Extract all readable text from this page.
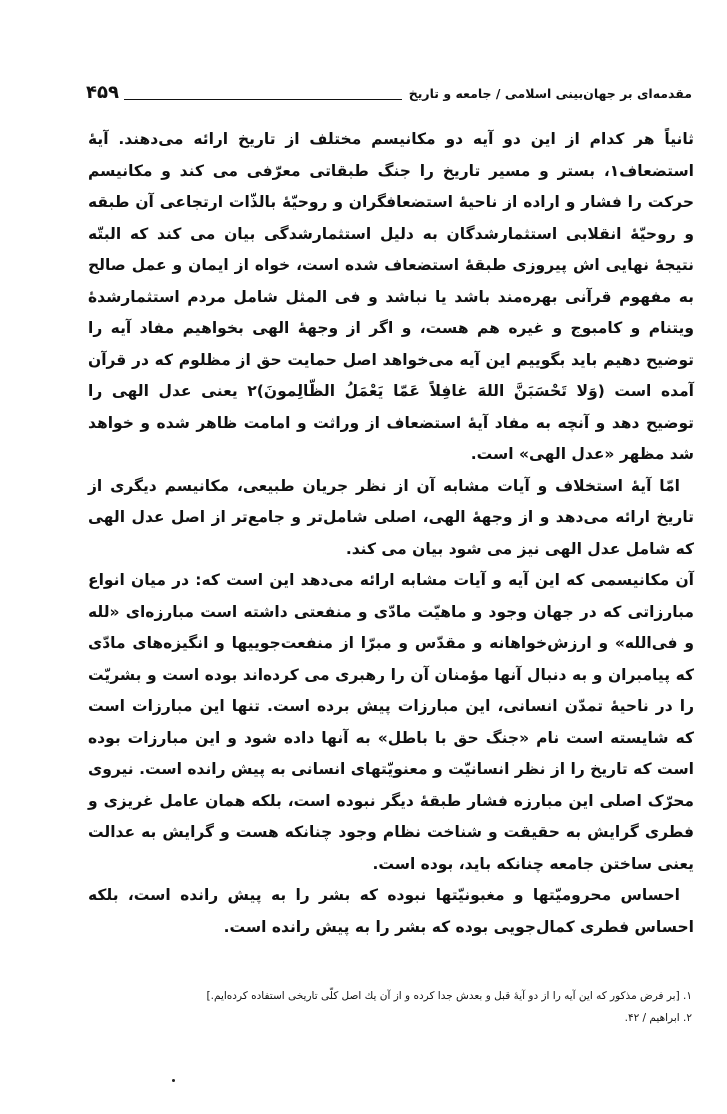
مقدمه‌ای بر جهان‌بینی اسلامی / جامعه و تاریخ
۴۵۹

ثانیاً هر کدام از این دو آیه دو مکانیسم مختلف از تاریخ ارائه می‌دهند. آیهٔ استضعاف۱، بستر و مسیر تاریخ را جنگ طبقاتی معرّفی می کند و مکانیسم حرکت را فشار و اراده از ناحیهٔ استضعافگران و روحیّهٔ بالذّات ارتجاعی آن طبقه و روحیّهٔ انقلابی استثمارشدگان به دلیل استثمارشدگی بیان می کند که البتّه نتیجهٔ نهایی اش پیروزی طبقهٔ استضعاف شده است، خواه از ایمان و عمل صالح به مفهوم قرآنی بهره‌مند باشد یا نباشد و فی المثل شامل مردم استثمارشدهٔ ویتنام و کامبوج و غیره هم هست، و اگر از وجههٔ الهی بخواهیم مفاد آیه را توضیح دهیم باید بگوییم این آیه می‌خواهد اصل حمایت حق از مظلوم که در قرآن آمده است (وَلا تَحْسَبَنَّ اللهَ غافِلاً عَمّا یَعْمَلُ الظّالِمونَ)۲ یعنی عدل الهی را توضیح دهد و آنچه به مفاد آیهٔ استضعاف از وراثت و امامت ظاهر شده و خواهد شد مظهر «عدل الهی» است.

امّا آیهٔ استخلاف و آیات مشابه آن از نظر جریان طبیعی، مکانیسم دیگری از تاریخ ارائه می‌دهد و از وجههٔ الهی، اصلی شامل‌تر و جامع‌تر از اصل عدل الهی که شامل عدل الهی نیز می شود بیان می کند.

آن مکانیسمی که این آیه و آیات مشابه ارائه می‌دهد این است که: در میان انواع مبارزاتی که در جهان وجود و ماهیّت مادّی و منفعتی داشته است مبارزه‌ای «لله و فی‌الله» و ارزش‌خواهانه و مقدّس و مبرّا از منفعت‌جوییها و انگیزه‌های مادّی که پیامبران و به دنبال آنها مؤمنان آن را رهبری می کرده‌اند بوده است و بشریّت را در ناحیهٔ تمدّن انسانی، این مبارزات پیش برده است. تنها این مبارزات است که شایسته است نام «جنگ حق با باطل» به آنها داده شود و این مبارزات بوده است که تاریخ را از نظر انسانیّت و معنویّتهای انسانی به پیش رانده است. نیروی محرّک اصلی این مبارزه فشار طبقهٔ دیگر نبوده است، بلکه همان عامل غریزی و فطری گرایش به حقیقت و شناخت نظام وجود چنانکه هست و گرایش به عدالت یعنی ساختن جامعه چنانکه باید، بوده است.

احساس محرومیّتها و مغبونیّتها نبوده که بشر را به پیش رانده است، بلکه احساس فطری کمال‌جویی بوده که بشر را به پیش رانده است.

۱. [بر فرض مذکور که این آیه را از دو آیهٔ قبل و بعدش جدا کرده و از آن یك اصل کلّی تاریخی استفاده کرده‌ایم.]

۲. ابراهیم / ۴۲.
